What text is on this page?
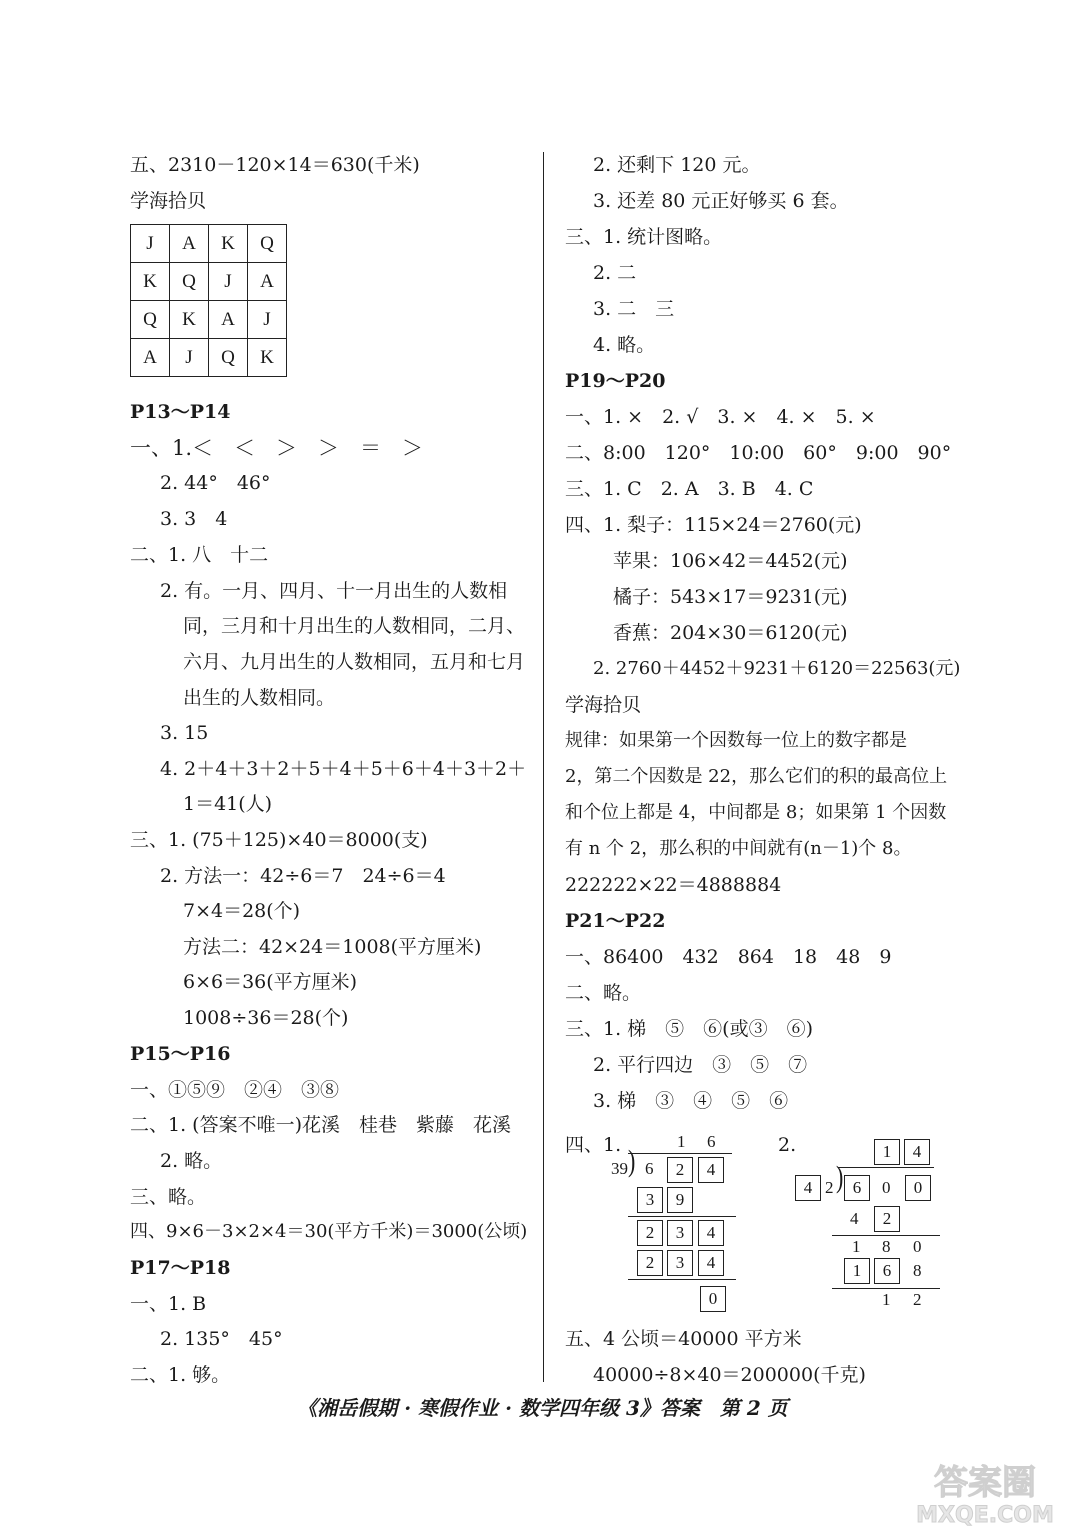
五、2310－120×14＝630(千米)
学海拾贝
J	A	K	Q
K	Q	J	A
Q	K	A	J
A	J	Q	K
P13～P14
一、1.＜　＜　＞　＞　＝　＞
2. 44°　46°
3. 3　4
二、1. 八　十二
2. 有。一月、四月、十一月出生的人数相
同，三月和十月出生的人数相同，二月、
六月、九月出生的人数相同，五月和七月
出生的人数相同。
3. 15
4. 2＋4＋3＋2＋5＋4＋5＋6＋4＋3＋2＋
1＝41(人)
三、1. (75＋125)×40＝8000(支)
2. 方法一：42÷6＝7　24÷6＝4
7×4＝28(个)
方法二：42×24＝1008(平方厘米)
6×6＝36(平方厘米)
1008÷36＝28(个)
P15～P16
一、①⑤⑨　②④　③⑧
二、1. (答案不唯一)花溪　桂巷　紫藤　花溪
2. 略。
三、略。
四、9×6－3×2×4＝30(平方千米)＝3000(公顷)
P17～P18
一、1. B
2. 135°　45°
二、1. 够。
2. 还剩下 120 元。
3. 还差 80 元正好够买 6 套。
三、1. 统计图略。
2. 二
3. 二　三
4. 略。
P19～P20
一、1. ×　2. √　3. ×　4. ×　5. ×
二、8:00　120°　10:00　60°　9:00　90°
三、1. C　2. A　3. B　4. C
四、1. 梨子：115×24＝2760(元)
苹果：106×42＝4452(元)
橘子：543×17＝9231(元)
香蕉：204×30＝6120(元)
2. 2760＋4452＋9231＋6120＝22563(元)
学海拾贝
规律：如果第一个因数每一位上的数字都是
2，第二个因数是 22，那么它们的积的最高位上
和个位上都是 4，中间都是 8；如果第 1 个因数
有 n 个 2，那么积的中间就有(n－1)个 8。
222222×22＝4888884
P21～P22
一、86400　432　864　18　48　9
二、略。
三、1. 梯　⑤　⑥(或③　⑥)
2. 平行四边　③　⑤　⑦
3. 梯　③　④　⑤　⑥
四、1.	2.
1 6
39 ) 6	2	4
3	9
2	3	4
2	3	4
0
1	4
4 2 ) 6	0	0
4	2
1 8 0
1	6	8
1 2
五、4 公顷＝40000 平方米
40000÷8×40＝200000(千克)
《湘岳假期 · 寒假作业 · 数学四年级 3》答案　第 2 页
答案圈
MXQE.COM
